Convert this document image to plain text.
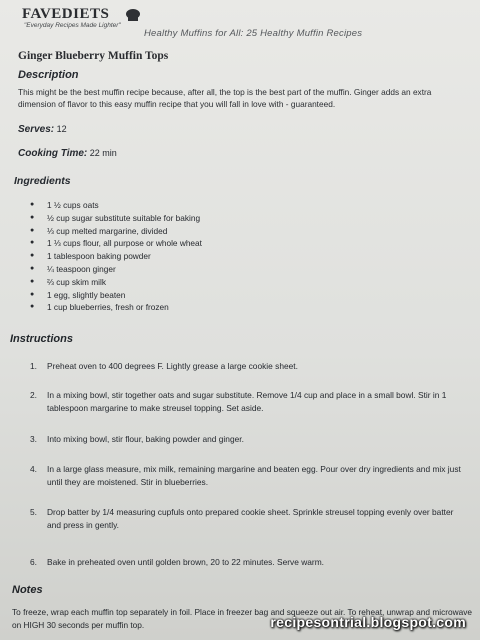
FAVEDIETS
"Everyday Recipes Made Lighter"
Healthy Muffins for All: 25 Healthy Muffin Recipes
Ginger Blueberry Muffin Tops
Description
This might be the best muffin recipe because, after all, the top is the best part of the muffin. Ginger adds an extra dimension of flavor to this easy muffin recipe that you will fall in love with - guaranteed.
Serves: 12
Cooking Time: 22 min
Ingredients
● 1 ½ cups oats
● ½ cup sugar substitute suitable for baking
● ⅓ cup melted margarine, divided
● 1 ⅓ cups flour, all purpose or whole wheat
● 1 tablespoon baking powder
● ¼ teaspoon ginger
● ⅔ cup skim milk
● 1 egg, slightly beaten
● 1 cup blueberries, fresh or frozen
Instructions
1. Preheat oven to 400 degrees F. Lightly grease a large cookie sheet.
2. In a mixing bowl, stir together oats and sugar substitute. Remove 1/4 cup and place in a small bowl. Stir in 1 tablespoon margarine to make streusel topping. Set aside.
3. Into mixing bowl, stir flour, baking powder and ginger.
4. In a large glass measure, mix milk, remaining margarine and beaten egg. Pour over dry ingredients and mix just until they are moistened. Stir in blueberries.
5. Drop batter by 1/4 measuring cupfuls onto prepared cookie sheet. Sprinkle streusel topping evenly over batter and press in gently.
6. Bake in preheated oven until golden brown, 20 to 22 minutes. Serve warm.
Notes
To freeze, wrap each muffin top separately in foil. Place in freezer bag and squeeze out air. To reheat, unwrap and microwave on HIGH 30 seconds per muffin top.	recipesontrial.blogspot.com
